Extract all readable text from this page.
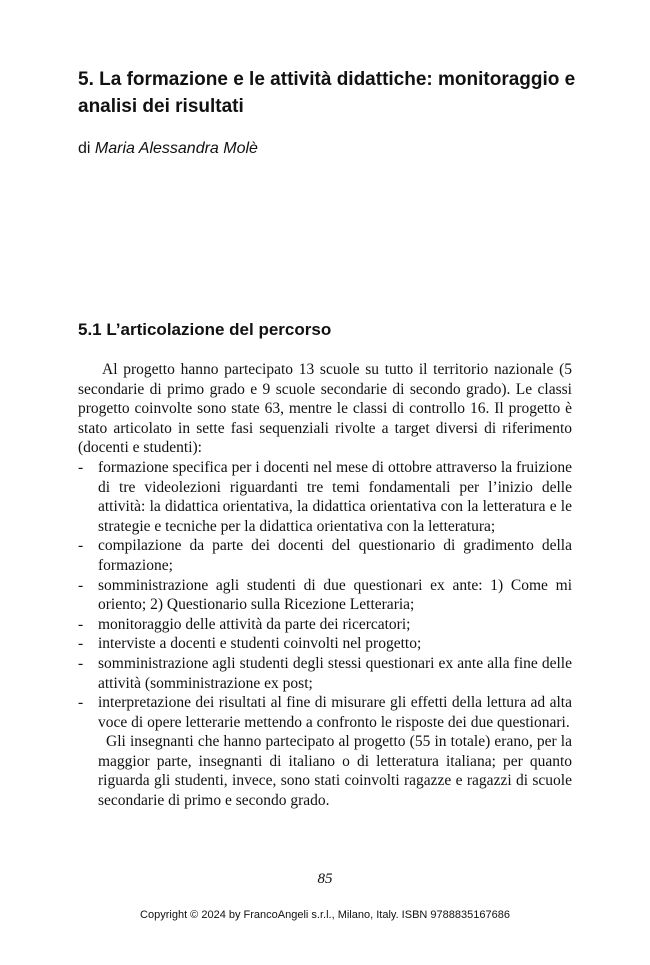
5. La formazione e le attività didattiche: monitoraggio e analisi dei risultati
di Maria Alessandra Molè
5.1 L’articolazione del percorso

Al progetto hanno partecipato 13 scuole su tutto il territorio nazionale (5 secondarie di primo grado e 9 scuole secondarie di secondo grado). Le classi progetto coinvolte sono state 63, mentre le classi di controllo 16. Il progetto è stato articolato in sette fasi sequenziali rivolte a target diversi di riferimento (docenti e studenti):

- formazione specifica per i docenti nel mese di ottobre attraverso la fruizione di tre videolezioni riguardanti tre temi fondamentali per l’inizio delle attività: la didattica orientativa, la didattica orientativa con la letteratura e le strategie e tecniche per la didattica orientativa con la letteratura;
- compilazione da parte dei docenti del questionario di gradimento della formazione;
- somministrazione agli studenti di due questionari ex ante: 1) Come mi oriento; 2) Questionario sulla Ricezione Letteraria;
- monitoraggio delle attività da parte dei ricercatori;
- interviste a docenti e studenti coinvolti nel progetto;
- somministrazione agli studenti degli stessi questionari ex ante alla fine delle attività (somministrazione ex post;
- interpretazione dei risultati al fine di misurare gli effetti della lettura ad alta voce di opere letterarie mettendo a confronto le risposte dei due questionari.

Gli insegnanti che hanno partecipato al progetto (55 in totale) erano, per la maggior parte, insegnanti di italiano o di letteratura italiana; per quanto riguarda gli studenti, invece, sono stati coinvolti ragazze e ragazzi di scuole secondarie di primo e secondo grado.

85
Copyright © 2024 by FrancoAngeli s.r.l., Milano, Italy. ISBN 9788835167686
